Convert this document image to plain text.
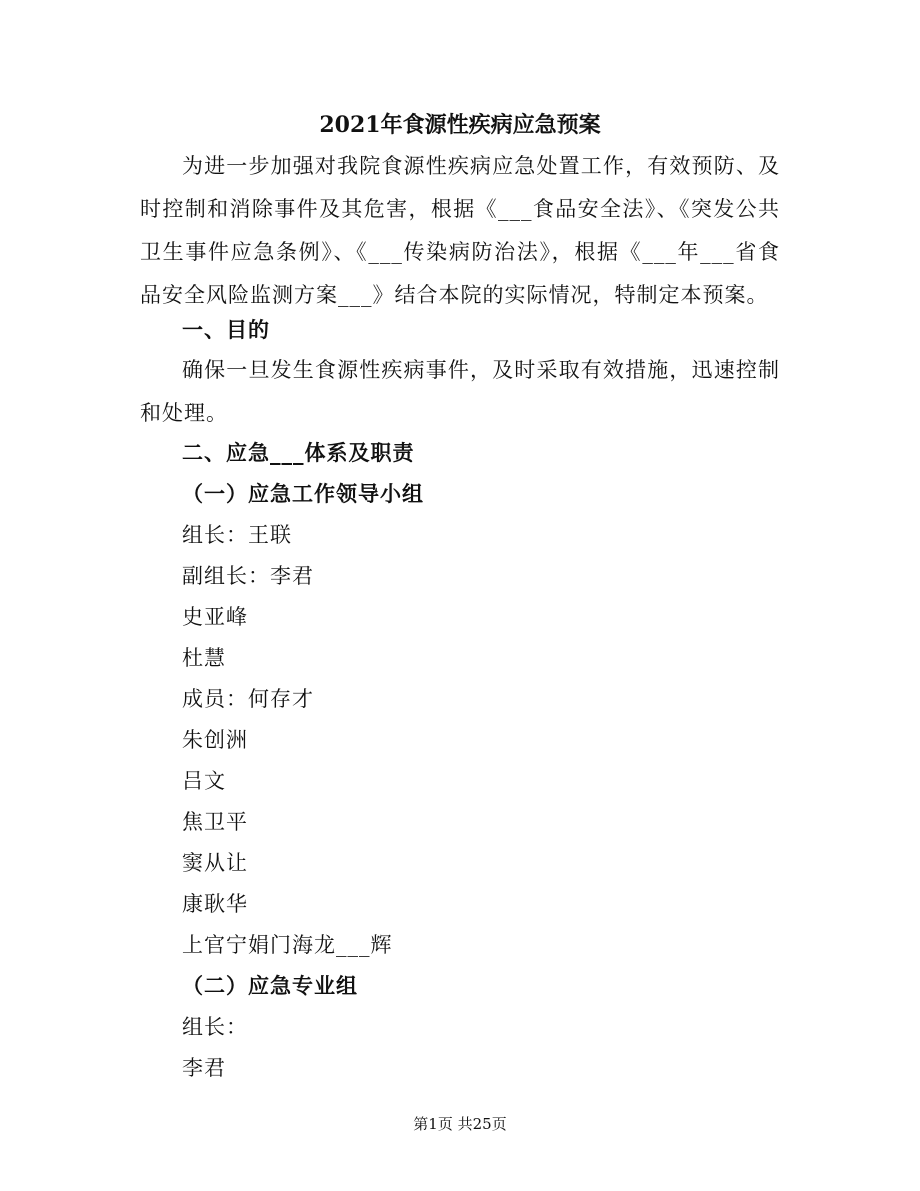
2021年食源性疾病应急预案

为进一步加强对我院食源性疾病应急处置工作，有效预防、及时控制和消除事件及其危害，根据《___食品安全法》、《突发公共卫生事件应急条例》、《___传染病防治法》，根据《___年___省食品安全风险监测方案___》结合本院的实际情况，特制定本预案。

一、目的

确保一旦发生食源性疾病事件，及时采取有效措施，迅速控制和处理。

二、应急___体系及职责
（一）应急工作领导小组
组长：王联
副组长：李君
史亚峰
杜慧
成员：何存才
朱创洲
吕文
焦卫平
窦从让
康耿华
上官宁娟门海龙___辉
（二）应急专业组
组长：
李君
第1页 共25页
